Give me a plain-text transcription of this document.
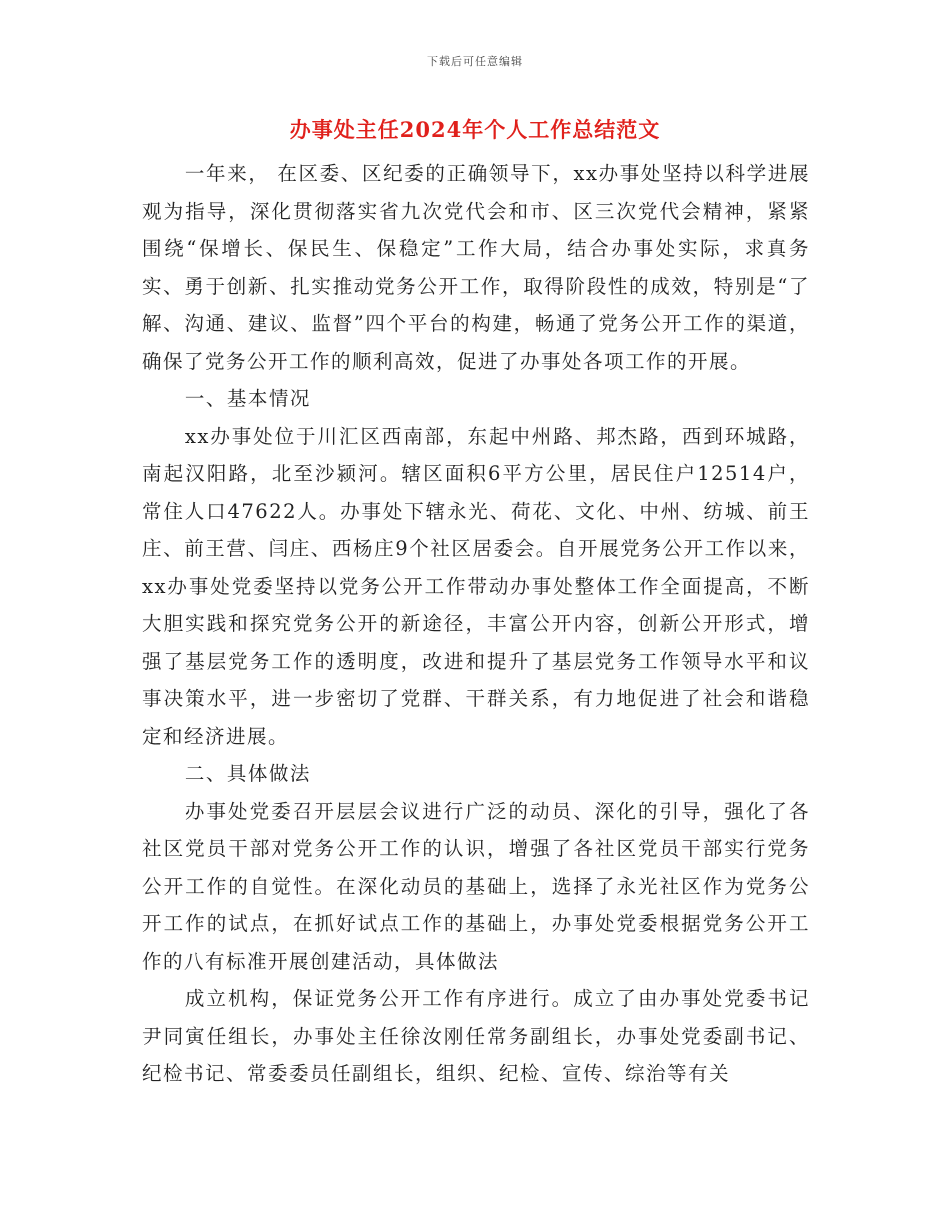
下载后可任意编辑
办事处主任2024年个人工作总结范文

一年来， 在区委、区纪委的正确领导下，xx办事处坚持以科学进展观为指导，深化贯彻落实省九次党代会和市、区三次党代会精神，紧紧围绕“保增长、保民生、保稳定”工作大局，结合办事处实际，求真务实、勇于创新、扎实推动党务公开工作，取得阶段性的成效，特别是“了解、沟通、建议、监督”四个平台的构建，畅通了党务公开工作的渠道，确保了党务公开工作的顺利高效，促进了办事处各项工作的开展。

一、基本情况

xx办事处位于川汇区西南部，东起中州路、邦杰路，西到环城路，南起汉阳路，北至沙颍河。辖区面积6平方公里，居民住户12514户，常住人口47622人。办事处下辖永光、荷花、文化、中州、纺城、前王庄、前王营、闫庄、西杨庄9个社区居委会。自开展党务公开工作以来，xx办事处党委坚持以党务公开工作带动办事处整体工作全面提高，不断大胆实践和探究党务公开的新途径，丰富公开内容，创新公开形式，增强了基层党务工作的透明度，改进和提升了基层党务工作领导水平和议事决策水平，进一步密切了党群、干群关系，有力地促进了社会和谐稳定和经济进展。

二、具体做法

办事处党委召开层层会议进行广泛的动员、深化的引导，强化了各社区党员干部对党务公开工作的认识，增强了各社区党员干部实行党务公开工作的自觉性。在深化动员的基础上，选择了永光社区作为党务公开工作的试点，在抓好试点工作的基础上，办事处党委根据党务公开工作的八有标准开展创建活动，具体做法

成立机构，保证党务公开工作有序进行。成立了由办事处党委书记尹同寅任组长，办事处主任徐汝刚任常务副组长，办事处党委副书记、纪检书记、常委委员任副组长，组织、纪检、宣传、综治等有关
